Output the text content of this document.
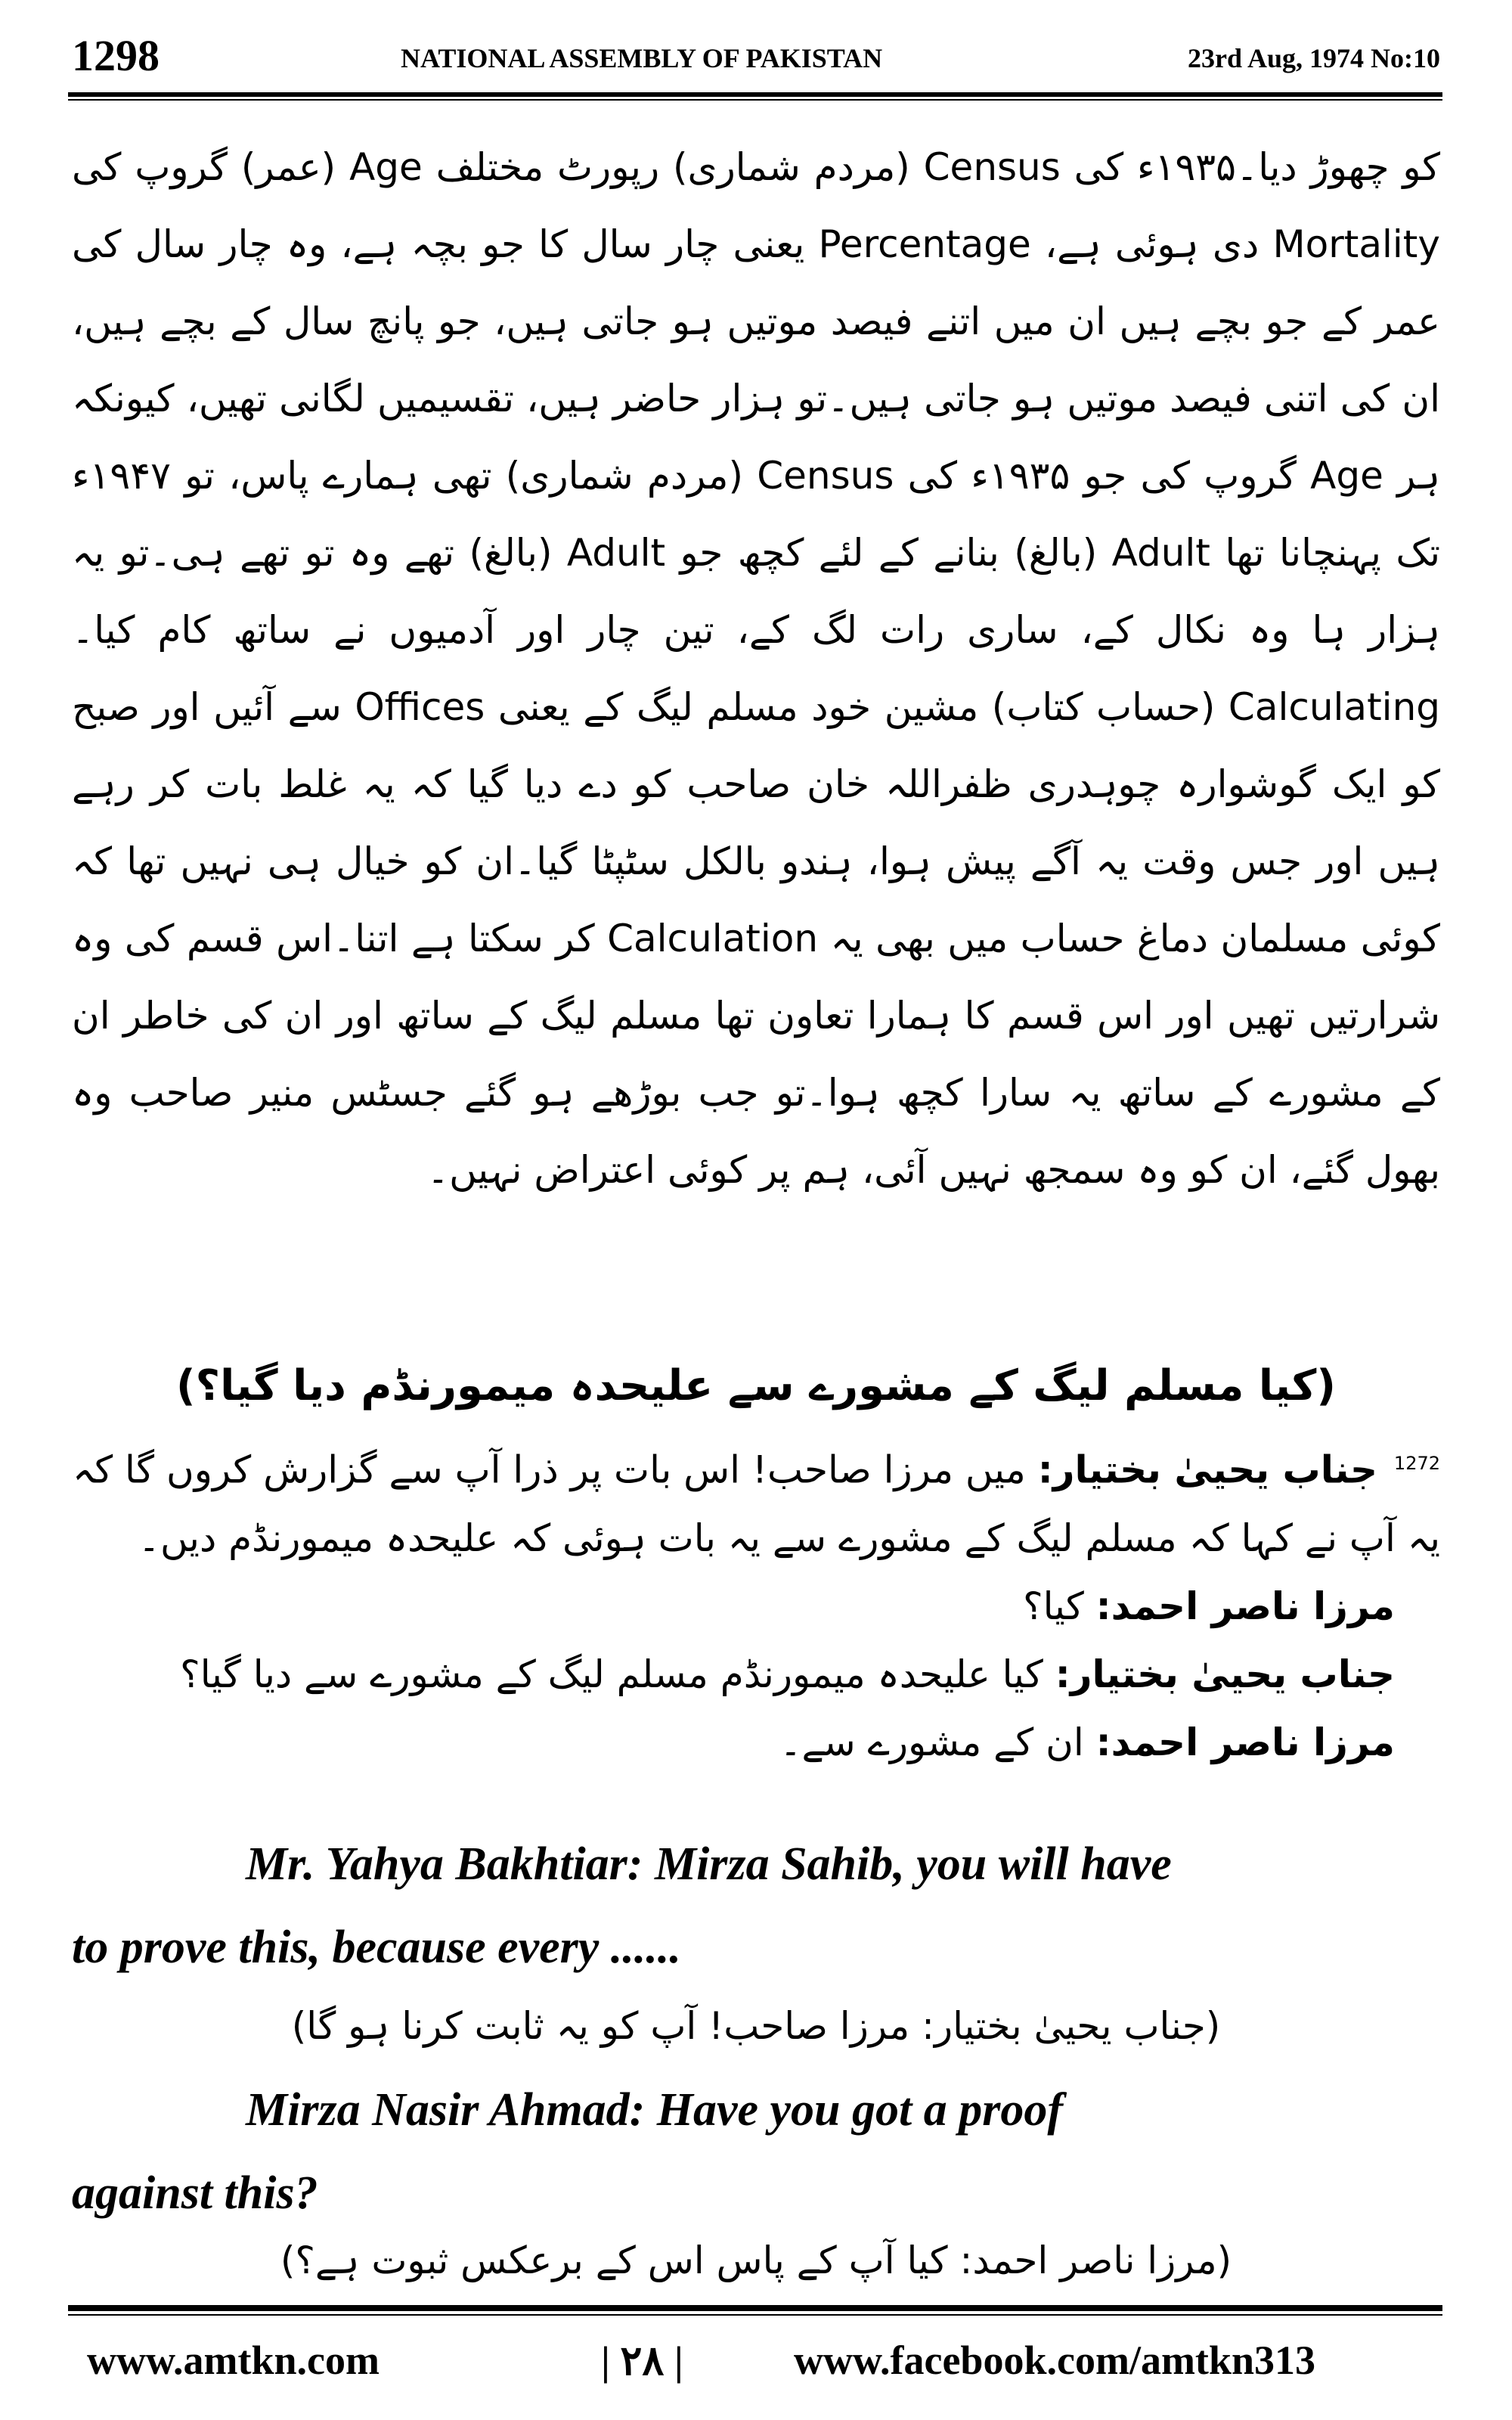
1298	NATIONAL ASSEMBLY OF PAKISTAN	23rd Aug, 1974 No:10

کو چھوڑ دیا۔۱۹۳۵ء کی Census (مردم شماری) رپورٹ مختلف Age (عمر) گروپ کی Mortality دی ہوئی ہے، Percentage یعنی چار سال کا جو بچہ ہے، وہ چار سال کی عمر کے جو بچے ہیں ان میں اتنے فیصد موتیں ہو جاتی ہیں، جو پانچ سال کے بچے ہیں، ان کی اتنی فیصد موتیں ہو جاتی ہیں۔تو ہزار حاضر ہیں، تقسیمیں لگانی تھیں، کیونکہ ہر Age گروپ کی جو ۱۹۳۵ء کی Census (مردم شماری) تھی ہمارے پاس، تو ۱۹۴۷ء تک پہنچانا تھا Adult (بالغ) بنانے کے لئے کچھ جو Adult (بالغ) تھے وہ تو تھے ہی۔تو یہ ہزار ہا وہ نکال کے، ساری رات لگ کے، تین چار اور آدمیوں نے ساتھ کام کیا۔ Calculating (حساب کتاب) مشین خود مسلم لیگ کے یعنی Offices سے آئیں اور صبح کو ایک گوشوارہ چوہدری ظفراللہ خان صاحب کو دے دیا گیا کہ یہ غلط بات کر رہے ہیں اور جس وقت یہ آگے پیش ہوا، ہندو بالکل سٹپٹا گیا۔ان کو خیال ہی نہیں تھا کہ کوئی مسلمان دماغ حساب میں بھی یہ Calculation کر سکتا ہے اتنا۔اس قسم کی وہ شرارتیں تھیں اور اس قسم کا ہمارا تعاون تھا مسلم لیگ کے ساتھ اور ان کی خاطر ان کے مشورے کے ساتھ یہ سارا کچھ ہوا۔تو جب بوڑھے ہو گئے جسٹس منیر صاحب وہ بھول گئے، ان کو وہ سمجھ نہیں آئی، ہم پر کوئی اعتراض نہیں۔

(کیا مسلم لیگ کے مشورے سے علیحدہ میمورنڈم دیا گیا؟)
$^{1272}$ جناب یحییٰ بختیار: میں مرزا صاحب! اس بات پر ذرا آپ سے گزارش کروں گا کہ یہ آپ نے کہا کہ مسلم لیگ کے مشورے سے یہ بات ہوئی کہ علیحدہ میمورنڈم دیں۔
مرزا ناصر احمد: کیا؟
جناب یحییٰ بختیار: کیا علیحدہ میمورنڈم مسلم لیگ کے مشورے سے دیا گیا؟
مرزا ناصر احمد: ان کے مشورے سے۔
Mr. Yahya Bakhtiar: Mirza Sahib, you will have
to prove this, because every ......
(جناب یحییٰ بختیار: مرزا صاحب! آپ کو یہ ثابت کرنا ہو گا)
Mirza Nasir Ahmad: Have you got a proof
against this?
(مرزا ناصر احمد: کیا آپ کے پاس اس کے برعکس ثبوت ہے؟)
www.amtkn.com	| ۲۸ |	www.facebook.com/amtkn313
